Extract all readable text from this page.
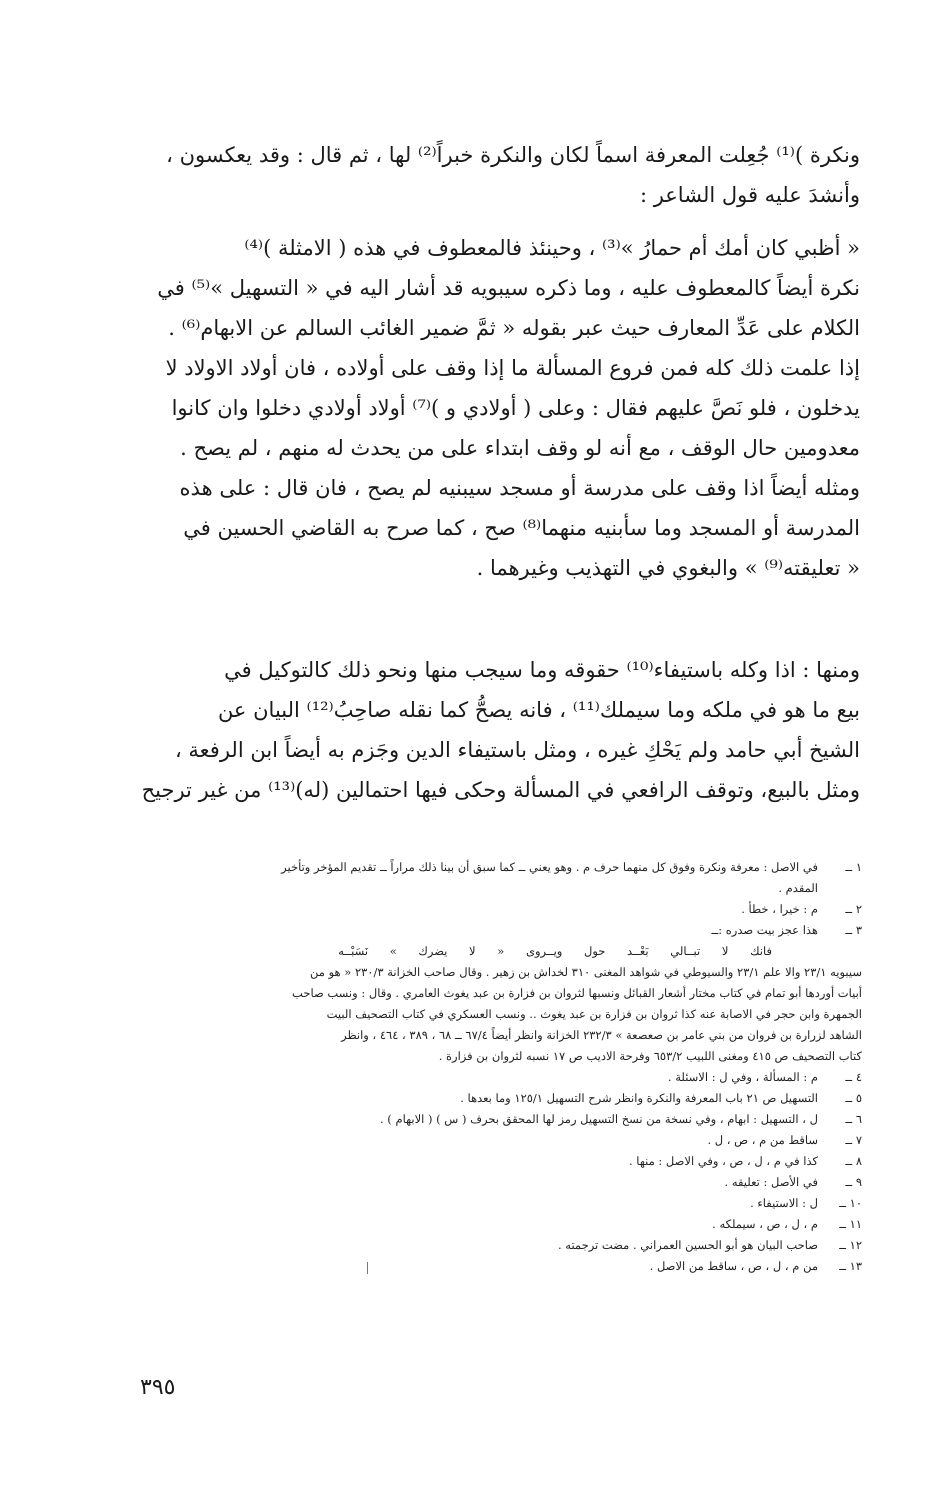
ونكرة )⁽¹⁾ جُعِلت المعرفة اسماً لكان والنكرة خبراً⁽²⁾ لها ، ثم قال : وقد يعكسون ،
وأنشدَ عليه قول الشاعر :
« أظبي كان أمك أم حمارُ »⁽³⁾ ، وحينئذ فالمعطوف في هذه ( الامثلة )⁽⁴⁾
نكرة أيضاً كالمعطوف عليه ، وما ذكره سيبويه قد أشار اليه في « التسهيل »⁽⁵⁾ في
الكلام على عَدِّ المعارف حيث عبر بقوله « ثمَّ ضمير الغائب السالم عن الابهام⁽⁶⁾ .
إذا علمت ذلك كله فمن فروع المسألة ما إذا وقف على أولاده ، فان أولاد الاولاد لا
يدخلون ، فلو نَصَّ عليهم فقال : وعلى ( أولادي و )⁽⁷⁾ أولاد أولادي دخلوا وان كانوا
معدومين حال الوقف ، مع أنه لو وقف ابتداء على من يحدث له منهم ، لم يصح .
ومثله أيضاً اذا وقف على مدرسة أو مسجد سيبنيه لم يصح ، فان قال : على هذه
المدرسة أو المسجد وما سأبنيه منهما⁽⁸⁾ صح ، كما صرح به القاضي الحسين في
« تعليقته⁽⁹⁾ » والبغوي في التهذيب وغيرهما .
ومنها : اذا وكله باستيفاء⁽¹⁰⁾ حقوقه وما سيجب منها ونحو ذلك كالتوكيل في
بيع ما هو في ملكه وما سيملك⁽¹¹⁾ ، فانه يصحُّ كما نقله صاحِبُ⁽¹²⁾ البيان عن
الشيخ أبي حامد ولم يَحْكِ غيره ، ومثل باستيفاء الدين وجَزم به أيضاً ابن الرفعة ،
ومثل بالبيع، وتوقف الرافعي في المسألة وحكى فيها احتمالين (له)⁽¹³⁾ من غير ترجيح
١ ــفي الاصل : معرفة ونكرة وفوق كل منهما حرف م . وهو يعني ــ كما سبق أن بينا ذلك مراراً ــ تقديم المؤخر وتأخير
المقدم .
٢ ــم : خيرا ، خطأ .
٣ ــهذا عجز بيت صدره :ــ
فانك لا تبــالي بَعْــد حول ويــروى « لا يضرك » نَسَبْــه
سيبويه ٢٣/١ والا علم ٢٣/١ والسيوطي في شواهد المغنى ٣١٠ لخداش بن زهير . وقال صاحب الخزانة ٢٣٠/٣ « هو من
أبيات أوردها أبو تمام في كتاب مختار أشعار القبائل ونسبها لثروان بن فزارة بن عبد يغوث العامري . وقال : ونسب صاحب
الجمهرة وابن حجر في الاصابة عنه كذا ثروان بن فزارة بن عبد يغوث .. ونسب العسكري في كتاب التصحيف البيت
الشاهد لزرارة بن فروان من بني عامر بن صعصعة » ٢٣٢/٣ الخزانة وانظر أيضاً ٦٧/٤ ــ ٦٨ ، ٣٨٩ ، ٤٦٤ ، وانظر
كتاب التصحيف ص ٤١٥ ومغنى اللبيب ٦٥٣/٢ وفرحة الاديب ص ١٧ نسبه لثروان بن فزارة .
٤ ــم : المسألة ، وفي ل : الاسئلة .
٥ ــالتسهيل ص ٢١ باب المعرفة والنكرة وانظر شرح التسهيل ١٢٥/١ وما بعدها .
٦ ــل ، التسهيل : ابهام ، وفي نسخة من نسخ التسهيل رمز لها المحقق بحرف ( س ) ( الابهام ) .
٧ ــساقط من م ، ص ، ل .
٨ ــكذا في م ، ل ، ص ، وفي الاصل : منها .
٩ ــفي الأصل : تعليقه .
١٠ ــل : الاستيفاء .
١١ ــم ، ل ، ص ، سيملكه .
١٢ ــصاحب البيان هو أبو الحسين العمراني . مضت ترجمته .
١٣ ــمن م ، ل ، ص ، ساقط من الاصل .
٣٩٥
